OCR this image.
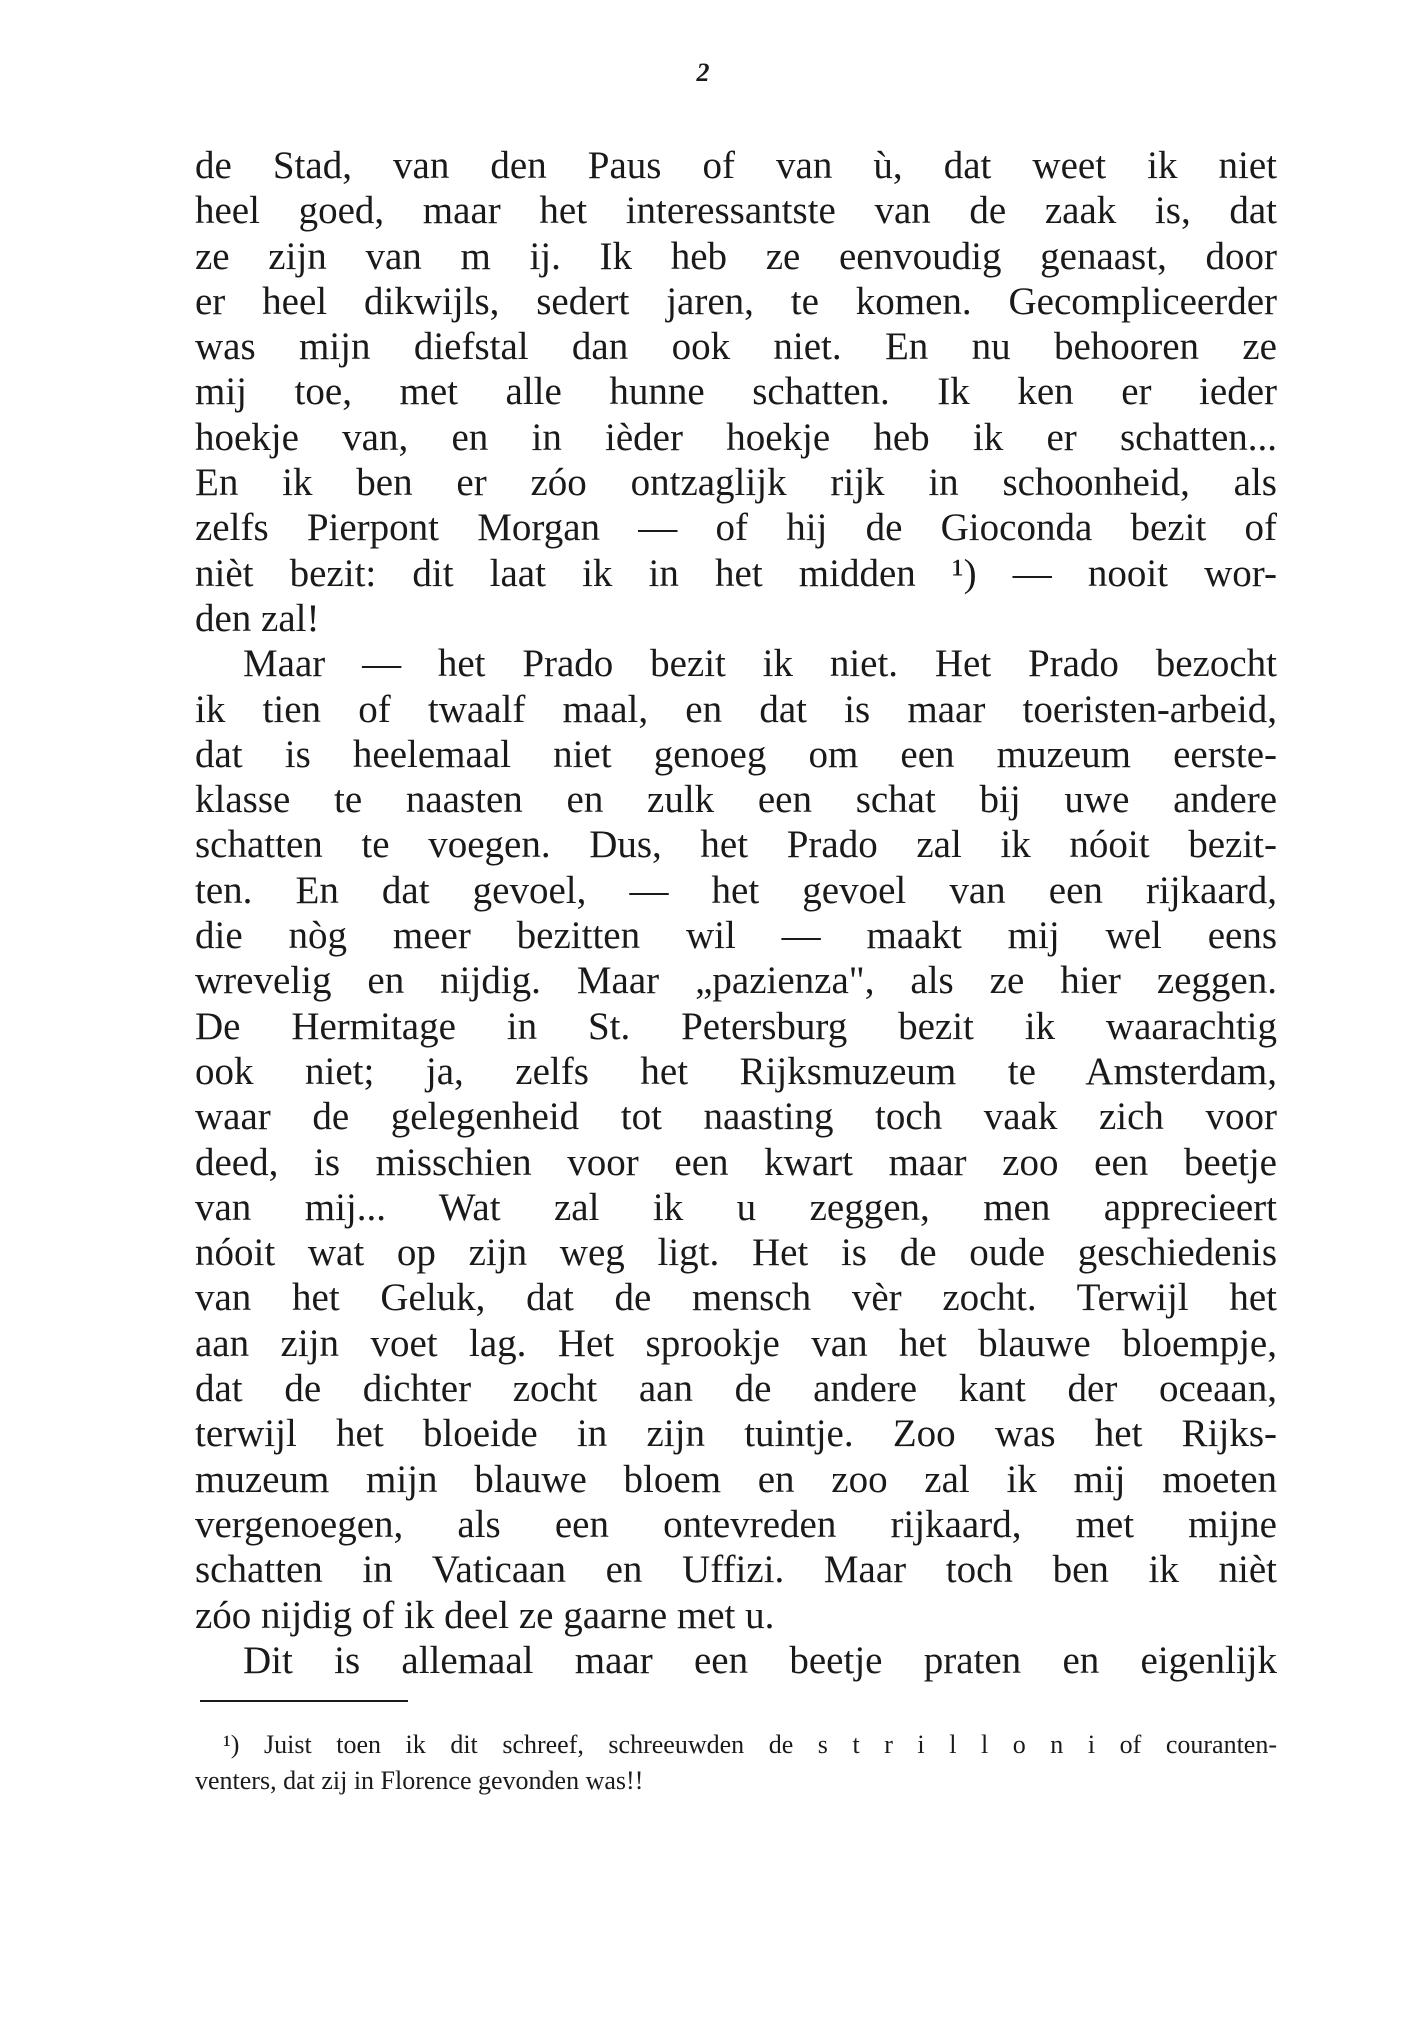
2
de Stad, van den Paus of van ù, dat weet ik niet
heel goed, maar het interessantste van de zaak is, dat
ze zijn van m ij. Ik heb ze eenvoudig genaast, door
er heel dikwijls, sedert jaren, te komen. Gecompliceerder
was mijn diefstal dan ook niet. En nu behooren ze
mij toe, met alle hunne schatten. Ik ken er ieder
hoekje van, en in ièder hoekje heb ik er schatten...
En ik ben er zóo ontzaglijk rijk in schoonheid, als
zelfs Pierpont Morgan — of hij de Gioconda bezit of
nièt bezit: dit laat ik in het midden ¹) — nooit wor-
den zal!
Maar — het Prado bezit ik niet. Het Prado bezocht
ik tien of twaalf maal, en dat is maar toeristen-arbeid,
dat is heelemaal niet genoeg om een muzeum eerste-
klasse te naasten en zulk een schat bij uwe andere
schatten te voegen. Dus, het Prado zal ik nóoit bezit-
ten. En dat gevoel, — het gevoel van een rijkaard,
die nòg meer bezitten wil — maakt mij wel eens
wrevelig en nijdig. Maar „pazienza", als ze hier zeggen.
De Hermitage in St. Petersburg bezit ik waarachtig
ook niet; ja, zelfs het Rijksmuzeum te Amsterdam,
waar de gelegenheid tot naasting toch vaak zich voor
deed, is misschien voor een kwart maar zoo een beetje
van mij... Wat zal ik u zeggen, men apprecieert
nóoit wat op zijn weg ligt. Het is de oude geschiedenis
van het Geluk, dat de mensch vèr zocht. Terwijl het
aan zijn voet lag. Het sprookje van het blauwe bloempje,
dat de dichter zocht aan de andere kant der oceaan,
terwijl het bloeide in zijn tuintje. Zoo was het Rijks-
muzeum mijn blauwe bloem en zoo zal ik mij moeten
vergenoegen, als een ontevreden rijkaard, met mijne
schatten in Vaticaan en Uffizi. Maar toch ben ik nièt
zóo nijdig of ik deel ze gaarne met u.
Dit is allemaal maar een beetje praten en eigenlijk
¹) Juist toen ik dit schreef, schreeuwden de s t r i l l o n i of couranten-
venters, dat zij in Florence gevonden was!!
